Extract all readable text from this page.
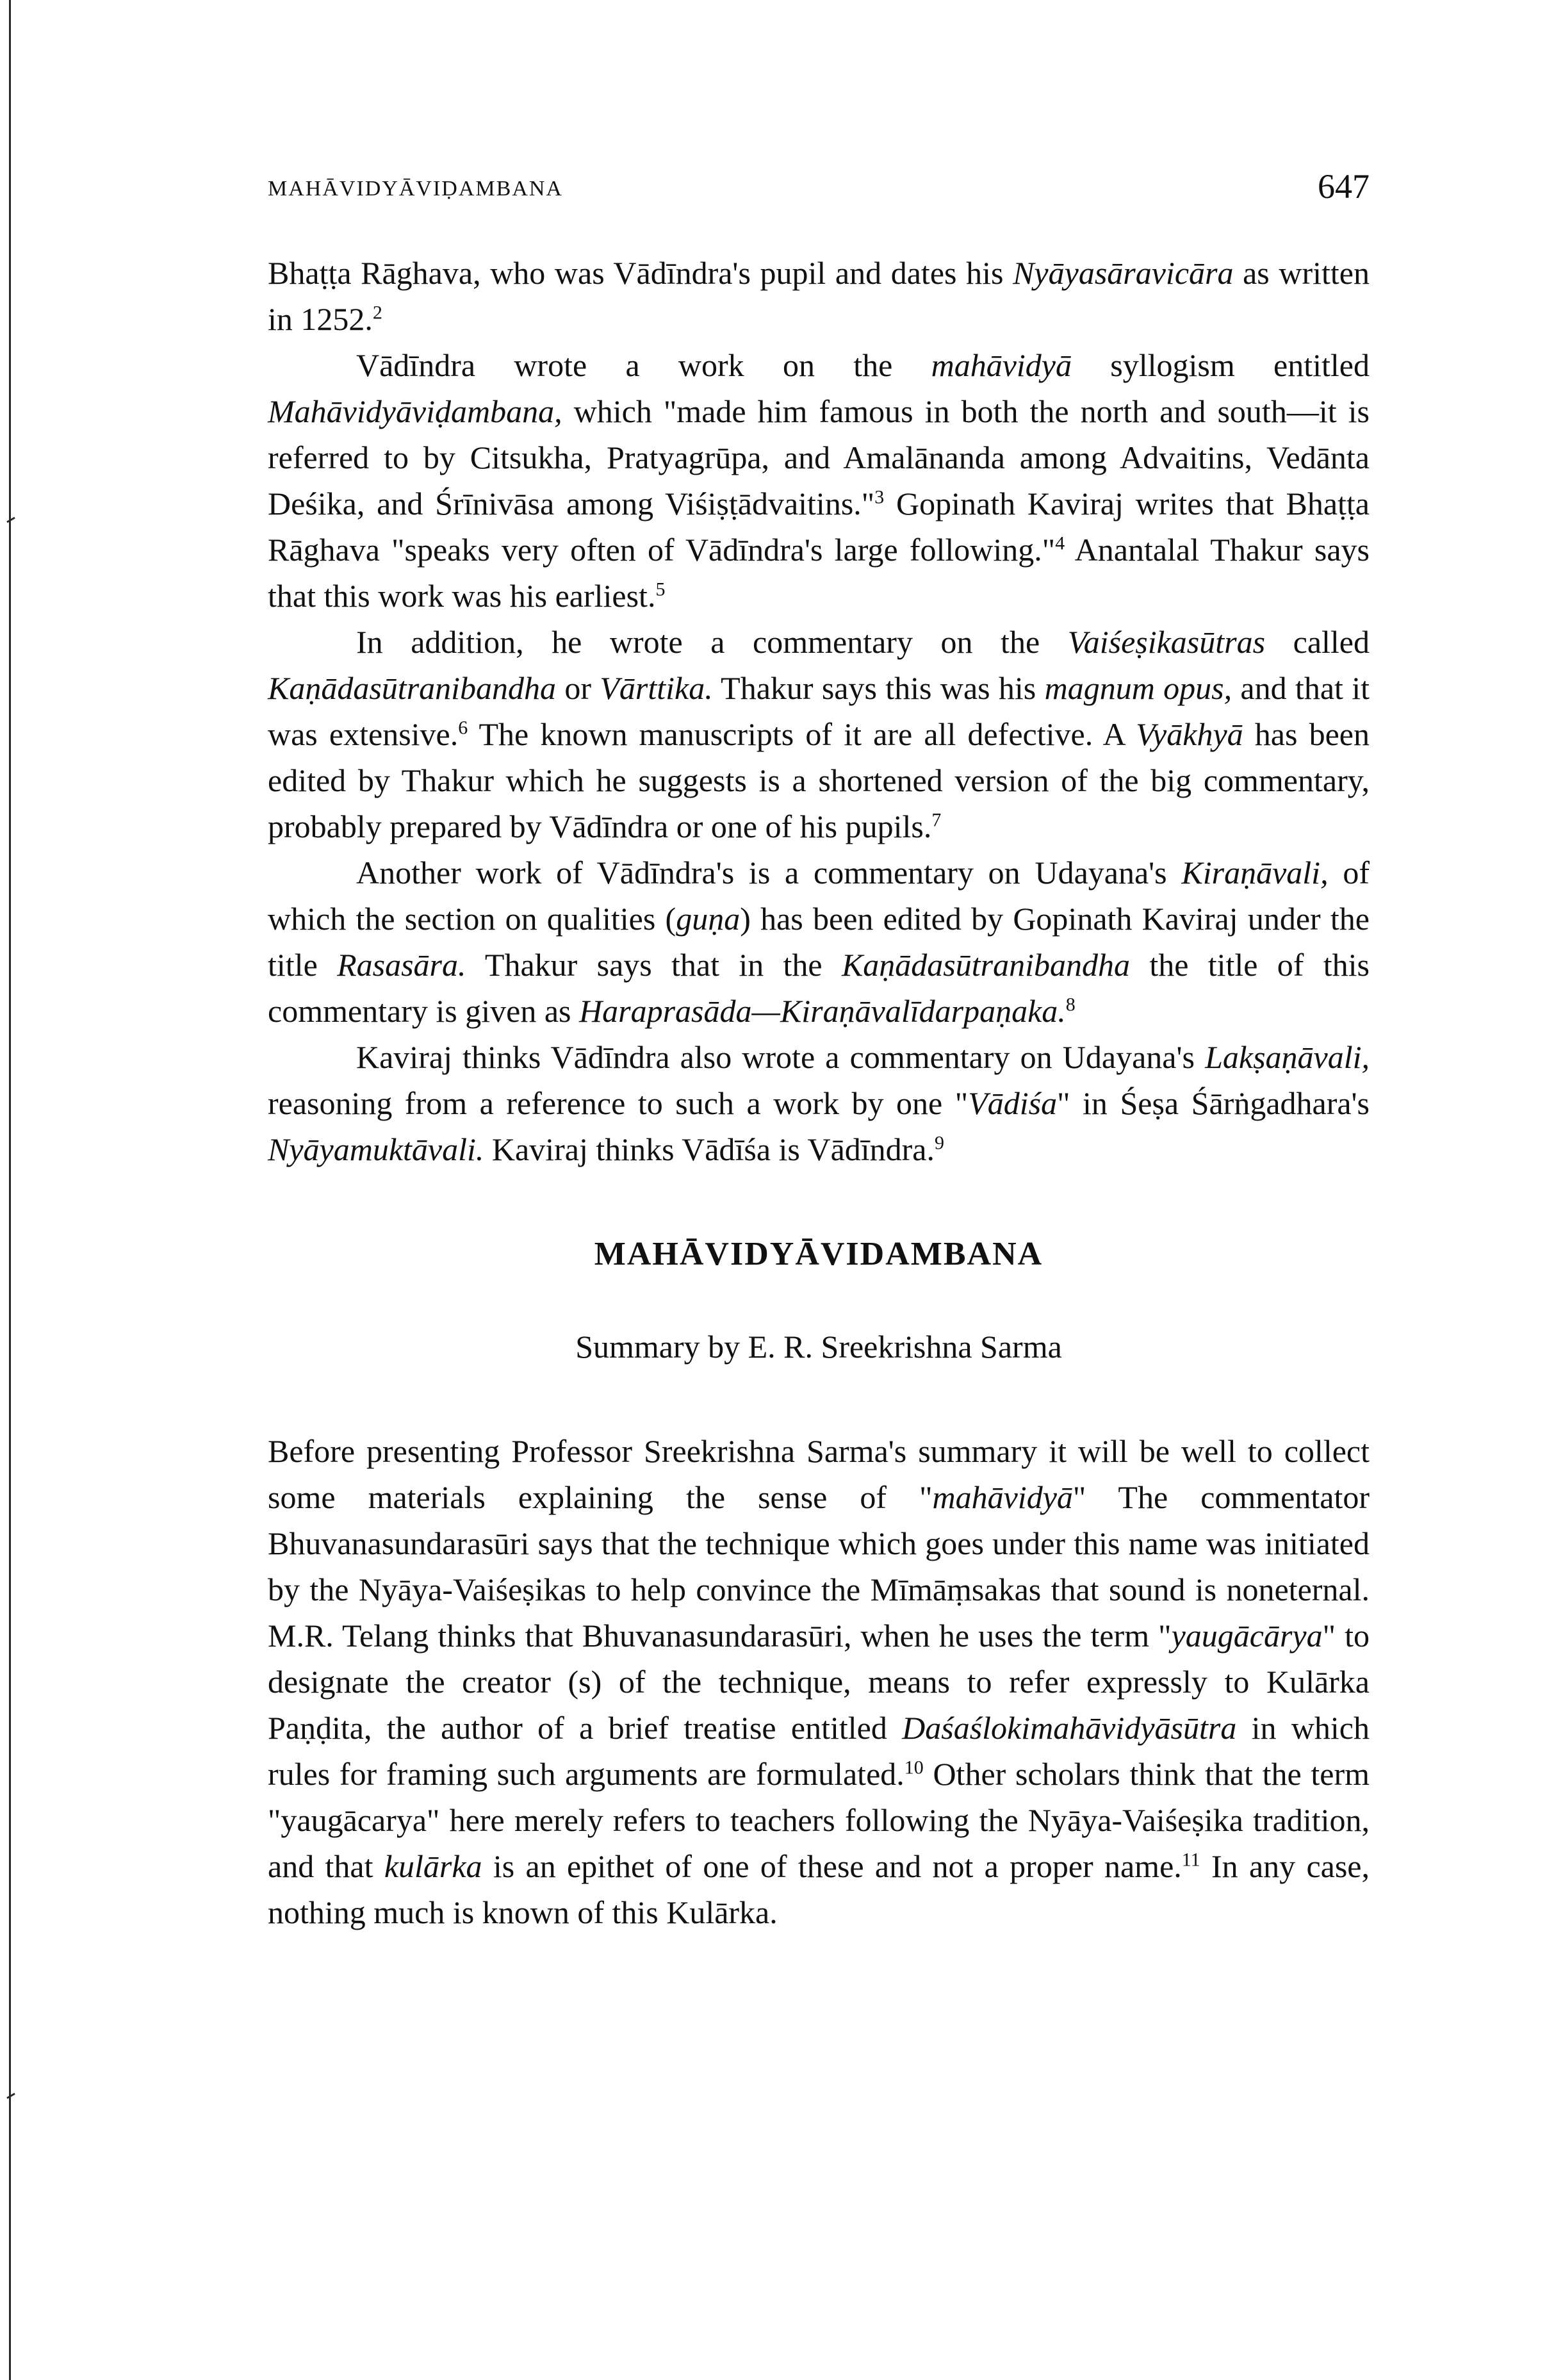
MAHĀVIDYĀVIḌAMBANA	647

Bhaṭṭa Rāghava, who was Vādīndra's pupil and dates his Nyāyasāravicāra as written in 1252.$^2$

Vādīndra wrote a work on the mahāvidyā syllogism entitled Mahāvidyāviḍambana, which "made him famous in both the north and south—it is referred to by Citsukha, Pratyagrūpa, and Amalānanda among Advaitins, Vedānta Deśika, and Śrīnivāsa among Viśiṣṭādvaitins."$^3$ Gopinath Kaviraj writes that Bhaṭṭa Rāghava "speaks very often of Vādīndra's large following."$^4$ Anantalal Thakur says that this work was his earliest.$^5$

In addition, he wrote a commentary on the Vaiśeṣikasūtras called Kaṇādasūtranibandha or Vārttika. Thakur says this was his magnum opus, and that it was extensive.$^6$ The known manuscripts of it are all defective. A Vyākhyā has been edited by Thakur which he suggests is a shortened version of the big commentary, probably prepared by Vādīndra or one of his pupils.$^7$

Another work of Vādīndra's is a commentary on Udayana's Kiraṇāvali, of which the section on qualities (guṇa) has been edited by Gopinath Kaviraj under the title Rasasāra. Thakur says that in the Kaṇādasūtranibandha the title of this commentary is given as Haraprasāda—Kiraṇāvalīdarpaṇaka.$^8$

Kaviraj thinks Vādīndra also wrote a commentary on Udayana's Lakṣaṇāvali, reasoning from a reference to such a work by one "Vādiśa" in Śeṣa Śārṅgadhara's Nyāyamuktāvali. Kaviraj thinks Vādīśa is Vādīndra.$^9$

MAHĀVIDYĀVIDAMBANA
Summary by E. R. Sreekrishna Sarma

Before presenting Professor Sreekrishna Sarma's summary it will be well to collect some materials explaining the sense of "mahāvidyā" The commentator Bhuvanasundarasūri says that the technique which goes under this name was initiated by the Nyāya-Vaiśeṣikas to help convince the Mīmāṃsakas that sound is noneternal. M.R. Telang thinks that Bhuvanasundarasūri, when he uses the term "yaugācārya" to designate the creator (s) of the technique, means to refer expressly to Kulārka Paṇḍita, the author of a brief treatise entitled Daśaślokimahāvidyāsūtra in which rules for framing such arguments are formulated.$^{10}$ Other scholars think that the term "yaugācarya" here merely refers to teachers following the Nyāya-Vaiśeṣika tradition, and that kulārka is an epithet of one of these and not a proper name.$^{11}$ In any case, nothing much is known of this Kulārka.
